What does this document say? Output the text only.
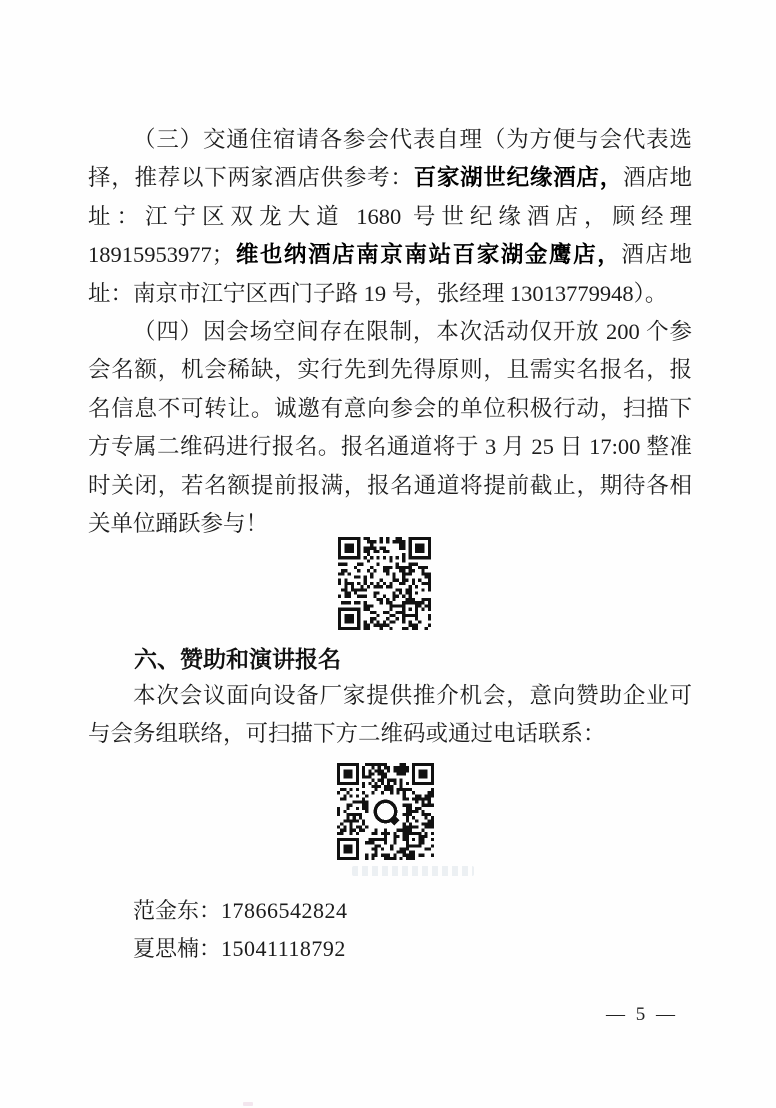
（三）交通住宿请各参会代表自理（为方便与会代表选择，推荐以下两家酒店供参考：百家湖世纪缘酒店，酒店地址：江宁区双龙大道 1680 号世纪缘酒店，顾经理 18915953977；维也纳酒店南京南站百家湖金鹰店，酒店地址：南京市江宁区西门子路 19 号，张经理 13013779948）。

（四）因会场空间存在限制，本次活动仅开放 200 个参会名额，机会稀缺，实行先到先得原则，且需实名报名，报名信息不可转让。诚邀有意向参会的单位积极行动，扫描下方专属二维码进行报名。报名通道将于 3 月 25 日 17:00 整准时关闭，若名额提前报满，报名通道将提前截止，期待各相关单位踊跃参与！

六、赞助和演讲报名

本次会议面向设备厂家提供推介机会，意向赞助企业可与会务组联络，可扫描下方二维码或通过电话联系：

范金东：17866542824
夏思楠：15041118792
— 5 —
